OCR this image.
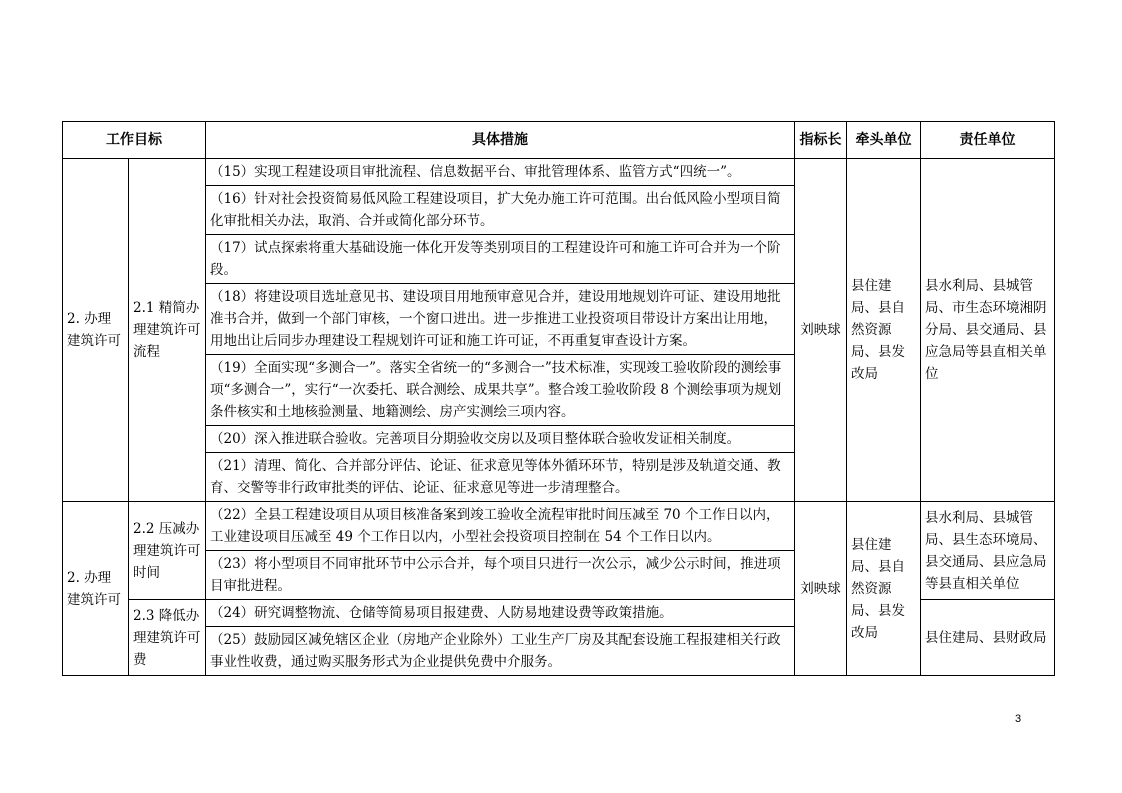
工作目标		具体措施	指标长	牵头单位	责任单位
2. 办理建筑许可	2.1 精简办理建筑许可流程	（15）实现工程建设项目审批流程、信息数据平台、审批管理体系、监管方式“四统一”。	刘映球	县住建局、县自然资源局、县发改局	县水利局、县城管局、市生态环境湘阴分局、县交通局、县应急局等县直相关单位
		（16）针对社会投资简易低风险工程建设项目，扩大免办施工许可范围。出台低风险小型项目简化审批相关办法，取消、合并或简化部分环节。			
		（17）试点探索将重大基础设施一体化开发等类别项目的工程建设许可和施工许可合并为一个阶段。			
		（18）将建设项目选址意见书、建设项目用地预审意见合并，建设用地规划许可证、建设用地批准书合并，做到一个部门审核，一个窗口进出。进一步推进工业投资项目带设计方案出让用地，用地出让后同步办理建设工程规划许可证和施工许可证，不再重复审查设计方案。			
		（19）全面实现“多测合一”。落实全省统一的“多测合一”技术标准，实现竣工验收阶段的测绘事项“多测合一”，实行“一次委托、联合测绘、成果共享”。整合竣工验收阶段 8 个测绘事项为规划条件核实和土地核验测量、地籍测绘、房产实测绘三项内容。			
		（20）深入推进联合验收。完善项目分期验收交房以及项目整体联合验收发证相关制度。			
		（21）清理、简化、合并部分评估、论证、征求意见等体外循环环节，特别是涉及轨道交通、教育、交警等非行政审批类的评估、论证、征求意见等进一步清理整合。			
2. 办理建筑许可	2.2 压减办理建筑许可时间	（22）全县工程建设项目从项目核准备案到竣工验收全流程审批时间压减至 70 个工作日以内，工业建设项目压减至 49 个工作日以内，小型社会投资项目控制在 54 个工作日以内。	刘映球	县住建局、县自然资源局、县发改局	县水利局、县城管局、县生态环境局、县交通局、县应急局等县直相关单位
		（23）将小型项目不同审批环节中公示合并，每个项目只进行一次公示，减少公示时间，推进项目审批进程。			
	2.3 降低办理建筑许可费	（24）研究调整物流、仓储等简易项目报建费、人防易地建设费等政策措施。			县住建局、县财政局
		（25）鼓励园区减免辖区企业（房地产企业除外）工业生产厂房及其配套设施工程报建相关行政事业性收费，通过购买服务形式为企业提供免费中介服务。			
3
